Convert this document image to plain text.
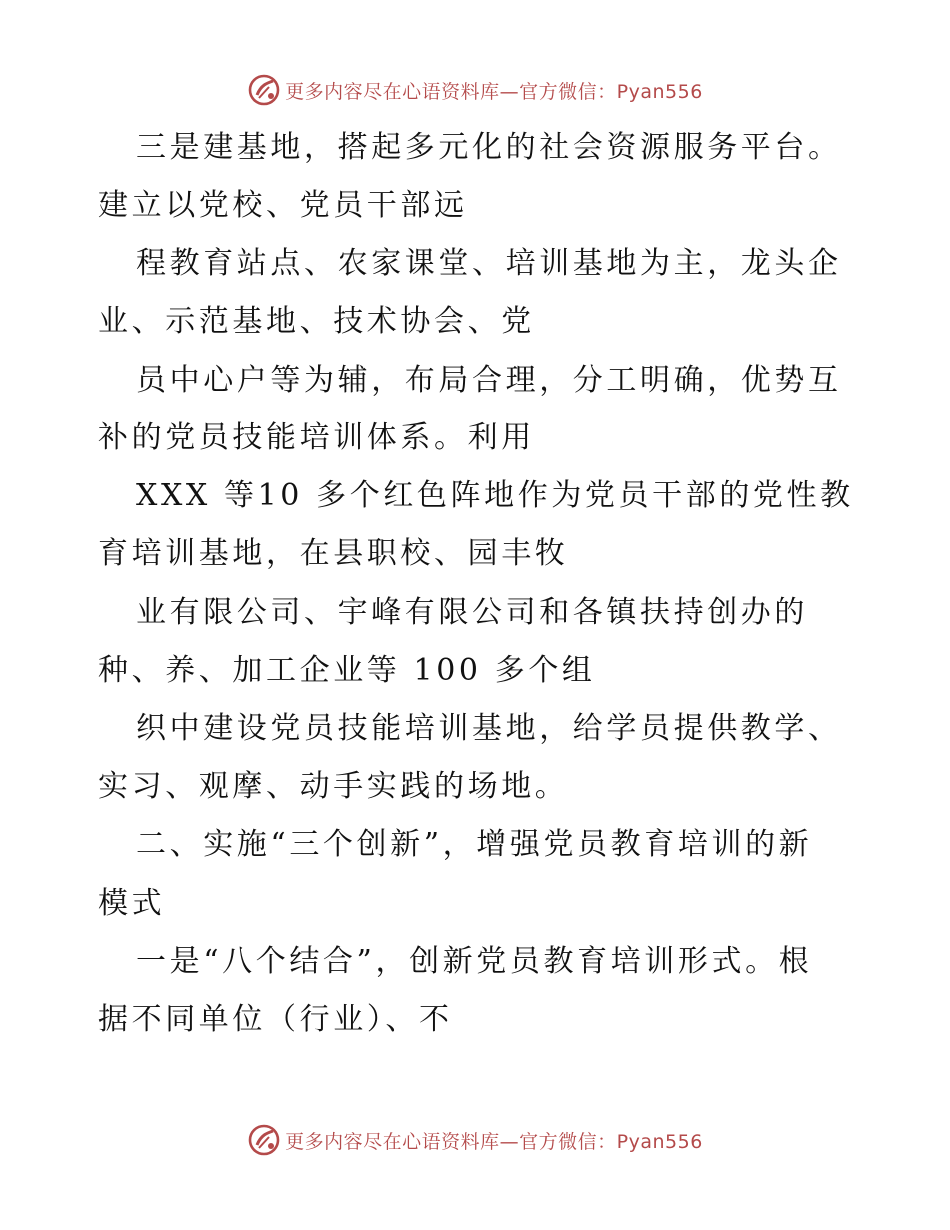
更多内容尽在心语资料库—官方微信：Pyan556
三是建基地，搭起多元化的社会资源服务平台。
建立以党校、党员干部远
程教育站点、农家课堂、培训基地为主，龙头企
业、示范基地、技术协会、党
员中心户等为辅，布局合理，分工明确，优势互
补的党员技能培训体系。利用
XXX 等10 多个红色阵地作为党员干部的党性教
育培训基地，在县职校、园丰牧
业有限公司、宇峰有限公司和各镇扶持创办的
种、养、加工企业等 100 多个组
织中建设党员技能培训基地，给学员提供教学、
实习、观摩、动手实践的场地。
二、实施“三个创新”，增强党员教育培训的新
模式
一是“八个结合”，创新党员教育培训形式。根
据不同单位（行业）、不
更多内容尽在心语资料库—官方微信：Pyan556
